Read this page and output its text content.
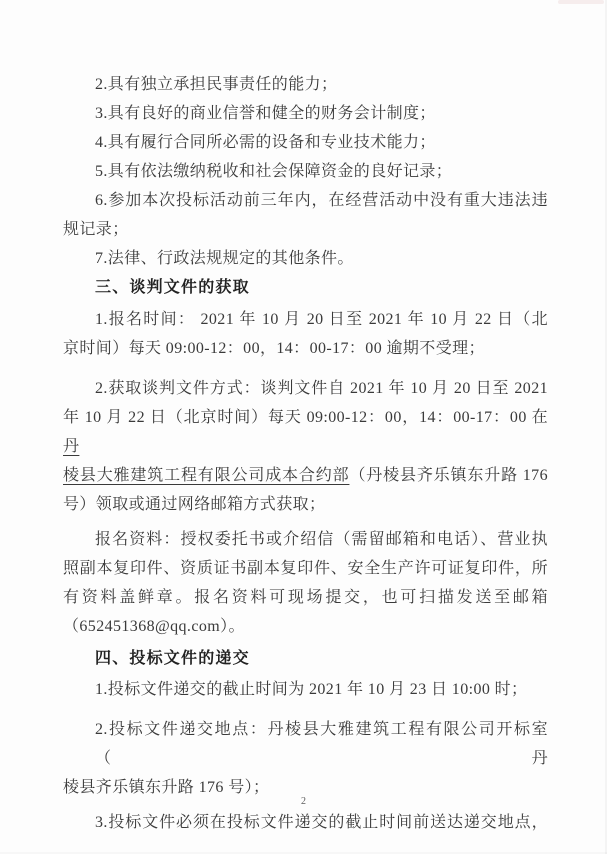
2.具有独立承担民事责任的能力；
3.具有良好的商业信誉和健全的财务会计制度；
4.具有履行合同所必需的设备和专业技术能力；
5.具有依法缴纳税收和社会保障资金的良好记录；
6.参加本次投标活动前三年内，在经营活动中没有重大违法违
规记录；
7.法律、行政法规规定的其他条件。
三、谈判文件的获取
1.报名时间： 2021 年 10 月 20 日至 2021 年 10 月 22 日（北
京时间）每天 09:00-12：00，14：00-17：00 逾期不受理；
2.获取谈判文件方式：谈判文件自 2021 年 10 月 20 日至 2021
年 10 月 22 日（北京时间）每天 09:00-12：00，14：00-17：00 在丹
棱县大雅建筑工程有限公司成本合约部（丹棱县齐乐镇东升路 176
号）领取或通过网络邮箱方式获取；
报名资料：授权委托书或介绍信（需留邮箱和电话）、营业执
照副本复印件、资质证书副本复印件、安全生产许可证复印件，所
有资料盖鲜章。报名资料可现场提交，也可扫描发送至邮箱
（652451368@qq.com）。
四、投标文件的递交
1.投标文件递交的截止时间为 2021 年 10 月 23 日 10:00 时；
2.投标文件递交地点：丹棱县大雅建筑工程有限公司开标室（丹
棱县齐乐镇东升路 176 号）；
3.投标文件必须在投标文件递交的截止时间前送达递交地点，
2
